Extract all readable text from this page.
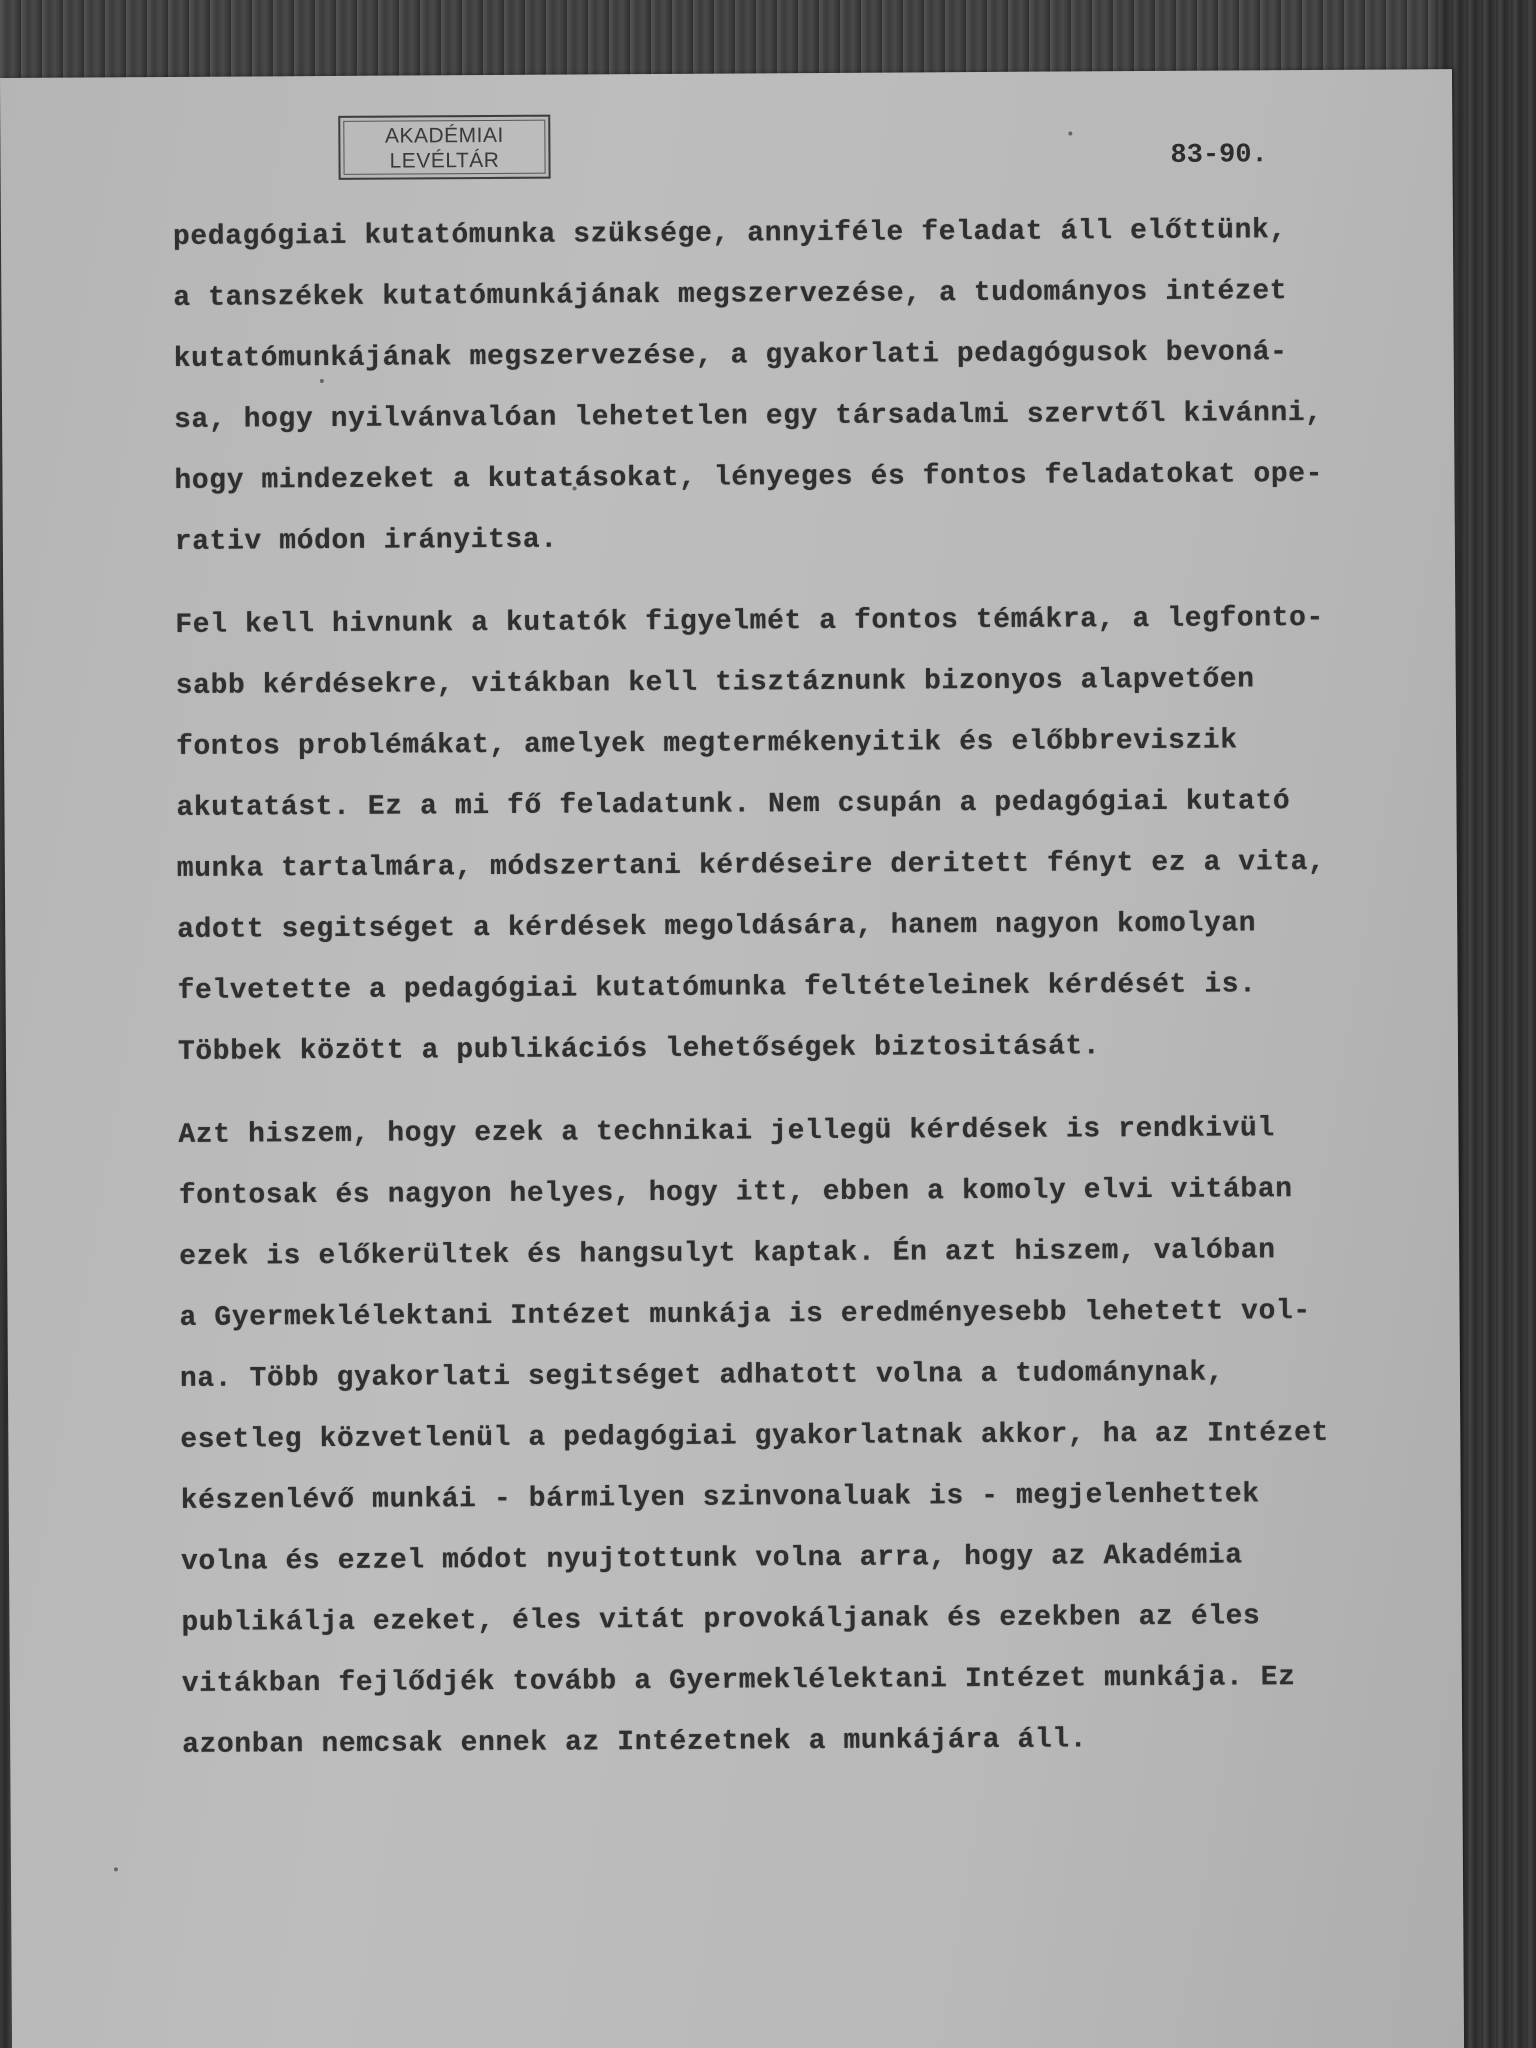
AKADÉMIAI
LEVÉLTÁR	83-90.
pedagógiai kutatómunka szüksége, annyiféle feladat áll előttünk,
a tanszékek kutatómunkájának megszervezése, a tudományos intézet
kutatómunkájának megszervezése, a gyakorlati pedagógusok bevoná-
sa, hogy nyilvánvalóan lehetetlen egy társadalmi szervtől kivánni,
hogy mindezeket a kutatásokat, lényeges és fontos feladatokat ope-
rativ módon irányitsa.
Fel kell hivnunk a kutatók figyelmét a fontos témákra, a legfonto-
sabb kérdésekre, vitákban kell tisztáznunk bizonyos alapvetően
fontos problémákat, amelyek megtermékenyitik és előbbreviszik
akutatást. Ez a mi fő feladatunk. Nem csupán a pedagógiai kutató
munka tartalmára, módszertani kérdéseire deritett fényt ez a vita,
adott segitséget a kérdések megoldására, hanem nagyon komolyan
felvetette a pedagógiai kutatómunka feltételeinek kérdését is.
Többek között a publikációs lehetőségek biztositását.
Azt hiszem, hogy ezek a technikai jellegü kérdések is rendkivül
fontosak és nagyon helyes, hogy itt, ebben a komoly elvi vitában
ezek is előkerültek és hangsulyt kaptak. Én azt hiszem, valóban
a Gyermeklélektani Intézet munkája is eredményesebb lehetett vol-
na. Több gyakorlati segitséget adhatott volna a tudománynak,
esetleg közvetlenül a pedagógiai gyakorlatnak akkor, ha az Intézet
készenlévő munkái - bármilyen szinvonaluak is - megjelenhettek
volna és ezzel módot nyujtottunk volna arra, hogy az Akadémia
publikálja ezeket, éles vitát provokáljanak és ezekben az éles
vitákban fejlődjék tovább a Gyermeklélektani Intézet munkája. Ez
azonban nemcsak ennek az Intézetnek a munkájára áll.
